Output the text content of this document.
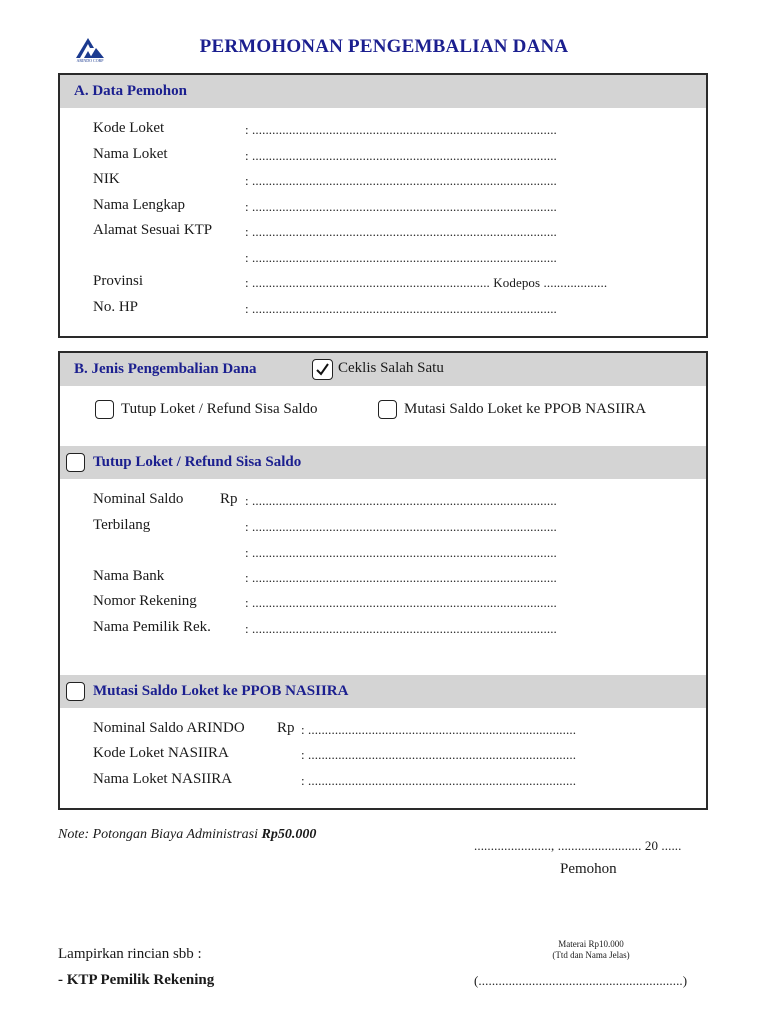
ARINDO CORP
PERMOHONAN PENGEMBALIAN DANA
A. Data Pemohon
Kode Loket	: ...........................................................................................
Nama Loket	: ...........................................................................................
NIK	: ...........................................................................................
Nama Lengkap	: ...........................................................................................
Alamat Sesuai KTP	: ...........................................................................................
: ...........................................................................................
Provinsi	: ....................................................................... Kodepos ...................
No. HP	: ...........................................................................................
B. Jenis Pengembalian Dana	Ceklis Salah Satu
Tutup Loket / Refund Sisa Saldo	Mutasi Saldo Loket ke PPOB NASIIRA
Tutup Loket / Refund Sisa Saldo
Nominal Saldo Rp : ...........................................................................................
Terbilang	: ...........................................................................................
: ...........................................................................................
Nama Bank	: ...........................................................................................
Nomor Rekening	: ...........................................................................................
Nama Pemilik Rek.	: ...........................................................................................
Mutasi Saldo Loket ke PPOB NASIIRA
Nominal Saldo ARINDO Rp : ................................................................................
Kode Loket NASIIRA	: ................................................................................
Nama Loket NASIIRA	: ................................................................................
Note: Potongan Biaya Administrasi Rp50.000
......................., ......................... 20 ......
Pemohon
Materai Rp10.000
(Ttd dan Nama Jelas)
Lampirkan rincian sbb :
- KTP Pemilik Rekening	(.............................................................)
